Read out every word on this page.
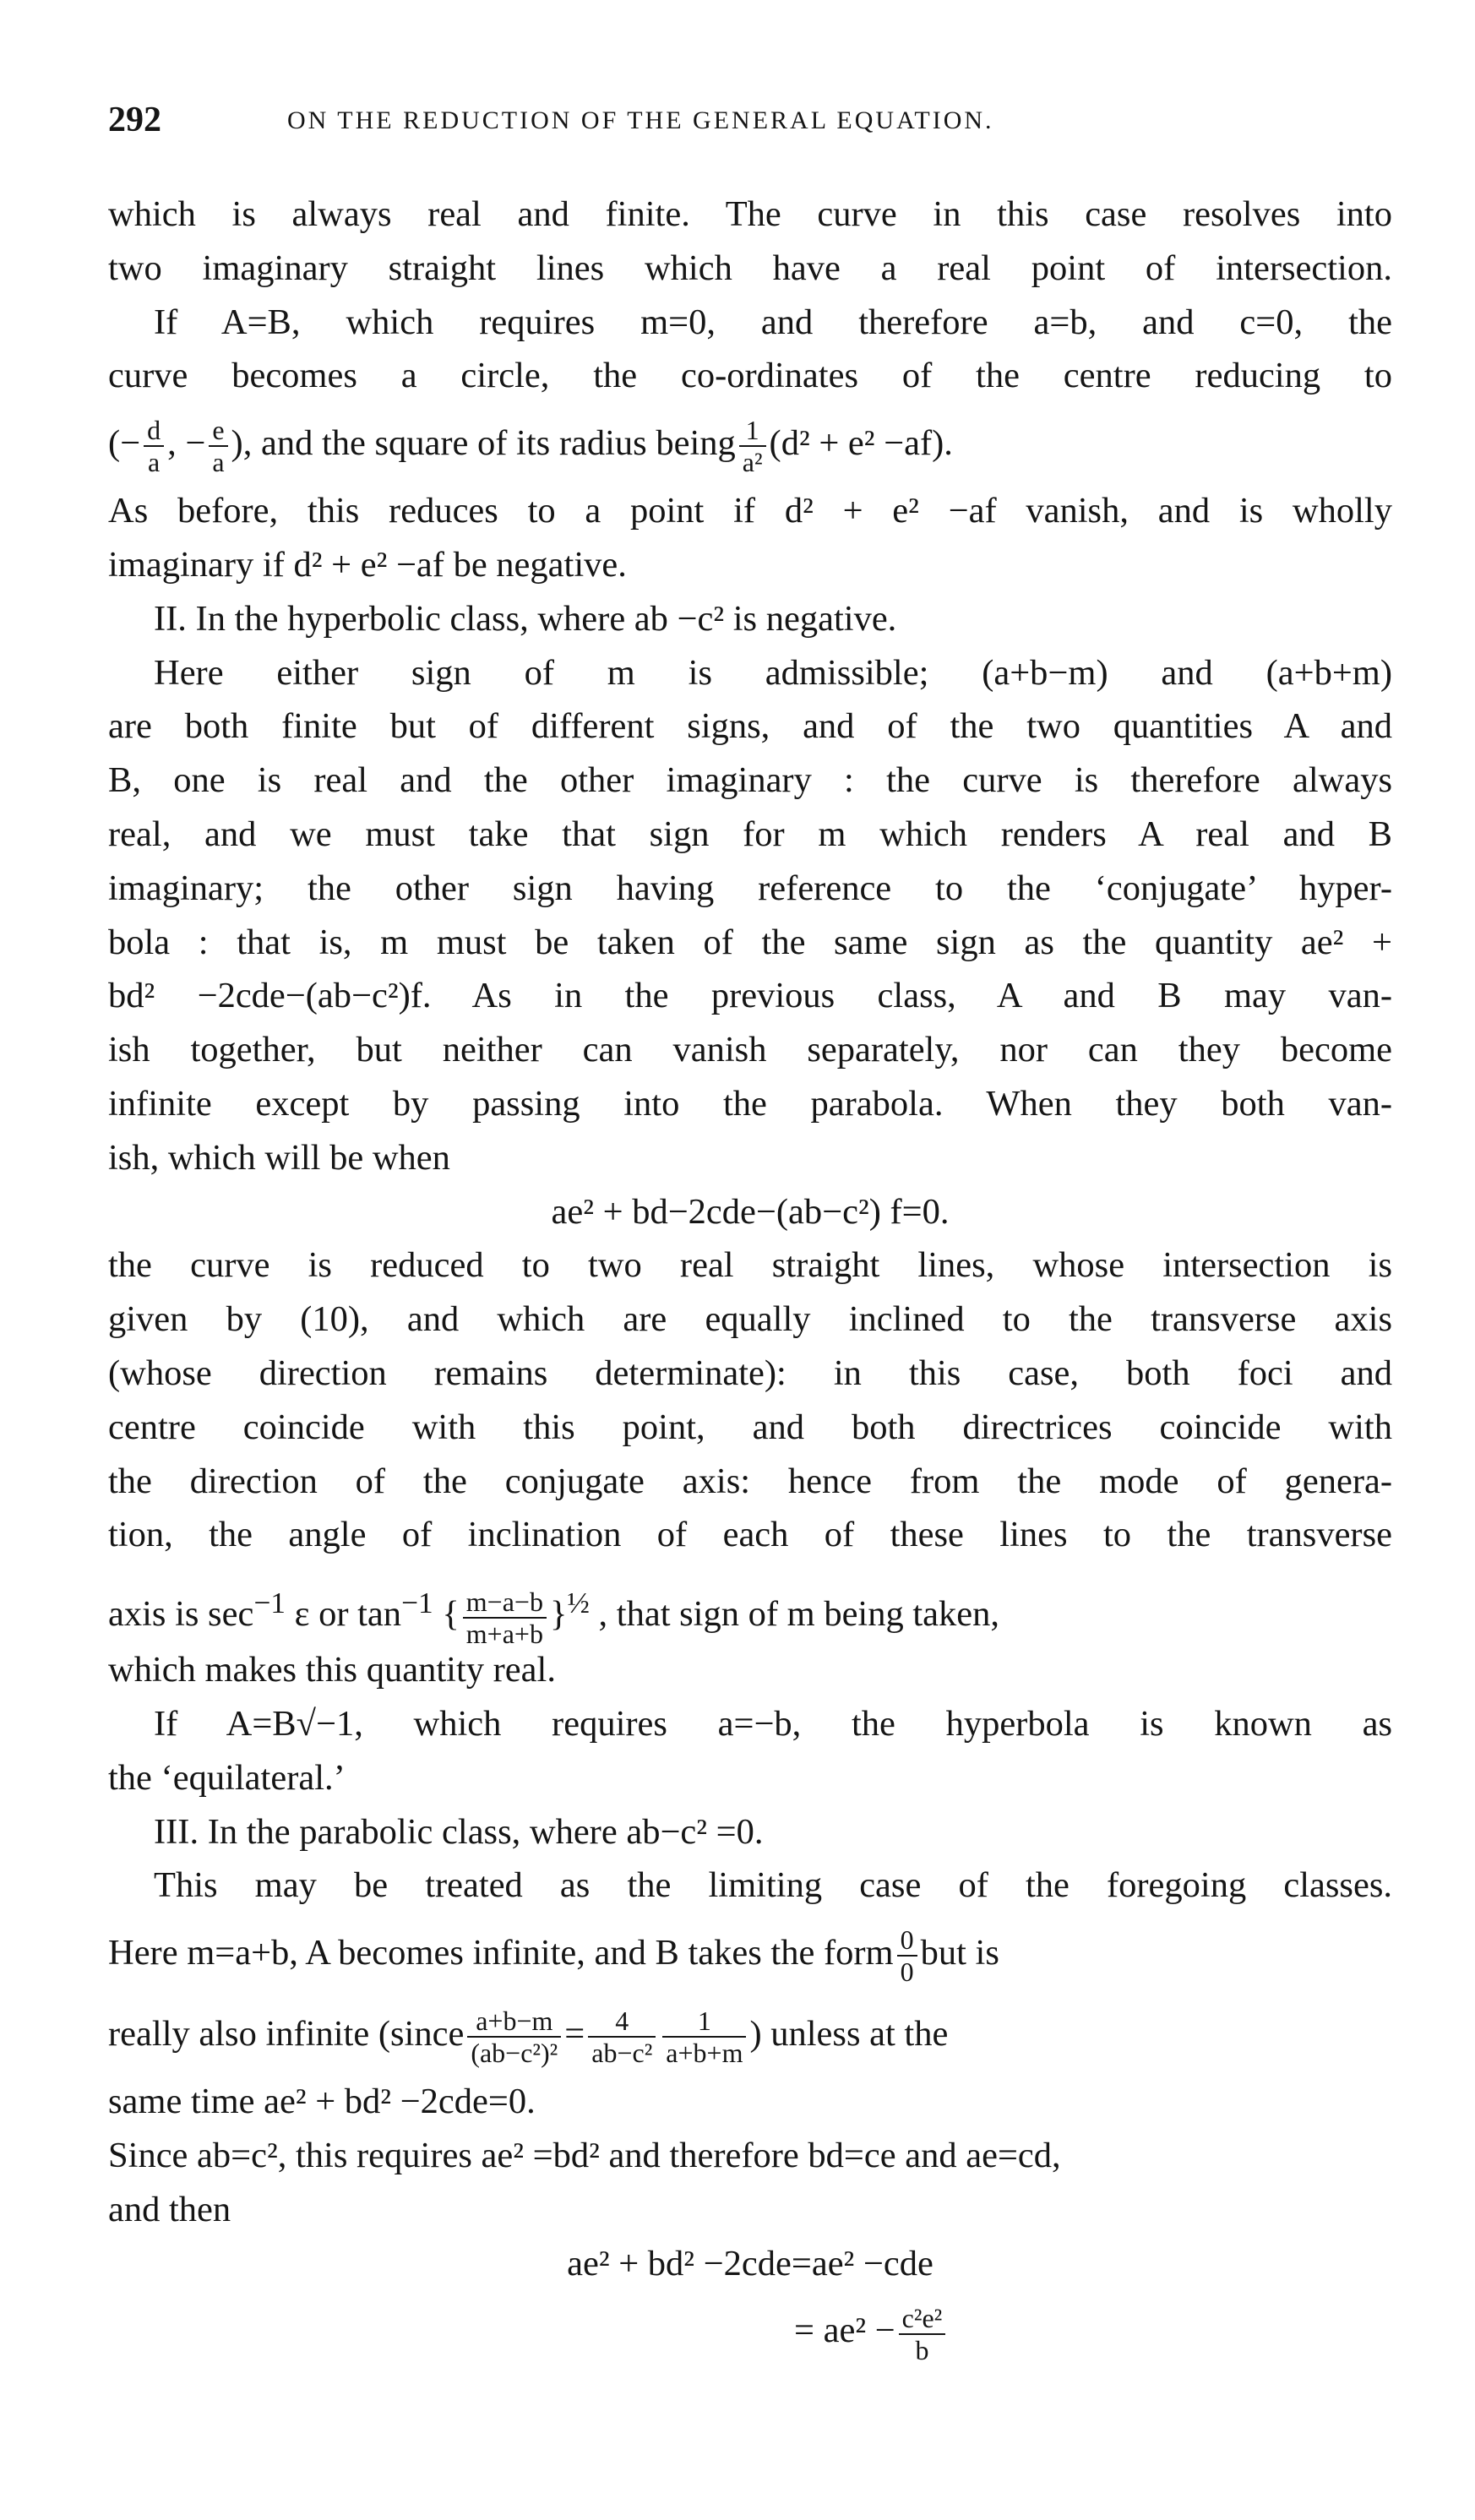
292	ON THE REDUCTION OF THE GENERAL EQUATION.
which is always real and finite. The curve in this case resolves into
two imaginary straight lines which have a real point of intersection.
If A=B, which requires m=0, and therefore a=b, and c=0, the
curve becomes a circle, the co-ordinates of the centre reducing to
(− $\frac{d}{a}$ , − $\frac{e}{a}$ ), and the square of its radius being $\frac{1}{\text{a²}} (d^2 + e^2 -af)$.
As before, this reduces to a point if d² + e² −af vanish, and is wholly
imaginary if d² + e² −af be negative.
II. In the hyperbolic class, where ab −c² is negative.
Here either sign of m is admissible; (a+b−m) and (a+b+m)
are both finite but of different signs, and of the two quantities A and
B, one is real and the other imaginary : the curve is therefore always
real, and we must take that sign for m which renders A real and B
imaginary; the other sign having reference to the ‘conjugate’ hyper-
bola : that is, m must be taken of the same sign as the quantity ae² +
bd² −2cde−(ab−c²)f. As in the previous class, A and B may van-
ish together, but neither can vanish separately, nor can they become
infinite except by passing into the parabola. When they both van-
ish, which will be when
ae² + bd−2cde−(ab−c²) f=0.
the curve is reduced to two real straight lines, whose intersection is
given by (10), and which are equally inclined to the transverse axis
(whose direction remains determinate): in this case, both foci and
centre coincide with this point, and both directrices coincide with
the direction of the conjugate axis: hence from the mode of genera-
tion, the angle of inclination of each of these lines to the transverse
axis is $\sec^{-1} \varepsilon$ or $\tan^{-1}$ { $\frac{m-a-b}{m+a+b} \}^{\frac{1}{2}}$ , that sign of m being taken,
which makes this quantity real.
If A=B√−1, which requires a=−b, the hyperbola is known as
the ‘equilateral.’
III. In the parabolic class, where ab−c² =0.
This may be treated as the limiting case of the foregoing classes.
Here m=a+b, A becomes infinite, and B takes the form $\frac{0}{0}$ but is
really also infinite (since $\frac{a+b-m}{\text{(ab−c²)²}} = \frac{4}{\text{ab−c²}} \frac{1}{a+b+m}$ ) unless at the
same time ae² + bd² −2cde=0.
Since ab=c², this requires ae² =bd² and therefore bd=ce and ae=cd,
and then
ae² + bd² −2cde=ae² −cde
= $ae^2 - \frac{\text{c²e²}}{b}$
